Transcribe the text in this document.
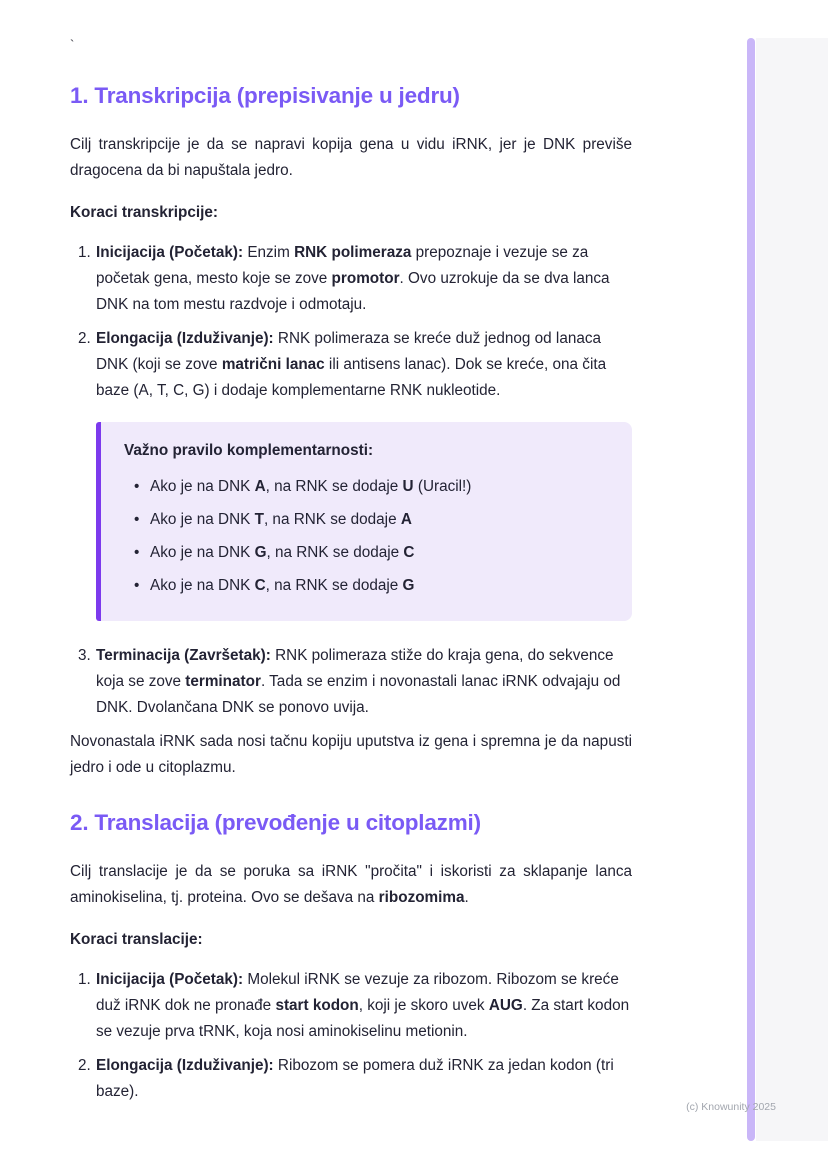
`
1. Transkripcija (prepisivanje u jedru)

Cilj transkripcije je da se napravi kopija gena u vidu iRNK, jer je DNK previše dragocena da bi napuštala jedro.

Koraci transkripcije:

1. Inicijacija (Početak): Enzim RNK polimeraza prepoznaje i vezuje se za početak gena, mesto koje se zove promotor. Ovo uzrokuje da se dva lanca DNK na tom mestu razdvoje i odmotaju.
2. Elongacija (Izduživanje): RNK polimeraza se kreće duž jednog od lanaca DNK (koji se zove matrični lanac ili antisens lanac). Dok se kreće, ona čita baze (A, T, C, G) i dodaje komplementarne RNK nukleotide.

Važno pravilo komplementarnosti:

• Ako je na DNK A, na RNK se dodaje U (Uracil!)
• Ako je na DNK T, na RNK se dodaje A
• Ako je na DNK G, na RNK se dodaje C
• Ako je na DNK C, na RNK se dodaje G
3. Terminacija (Završetak): RNK polimeraza stiže do kraja gena, do sekvence koja se zove terminator. Tada se enzim i novonastali lanac iRNK odvajaju od DNK. Dvolančana DNK se ponovo uvija.

Novonastala iRNK sada nosi tačnu kopiju uputstva iz gena i spremna je da napusti jedro i ode u citoplazmu.

2. Translacija (prevođenje u citoplazmi)

Cilj translacije je da se poruka sa iRNK "pročita" i iskoristi za sklapanje lanca aminokiselina, tj. proteina. Ovo se dešava na ribozomima.

Koraci translacije:

1. Inicijacija (Početak): Molekul iRNK se vezuje za ribozom. Ribozom se kreće duž iRNK dok ne pronađe start kodon, koji je skoro uvek AUG. Za start kodon se vezuje prva tRNK, koja nosi aminokiselinu metionin.
2. Elongacija (Izduživanje): Ribozom se pomera duž iRNK za jedan kodon (tri baze).
(c) Knowunity 2025
